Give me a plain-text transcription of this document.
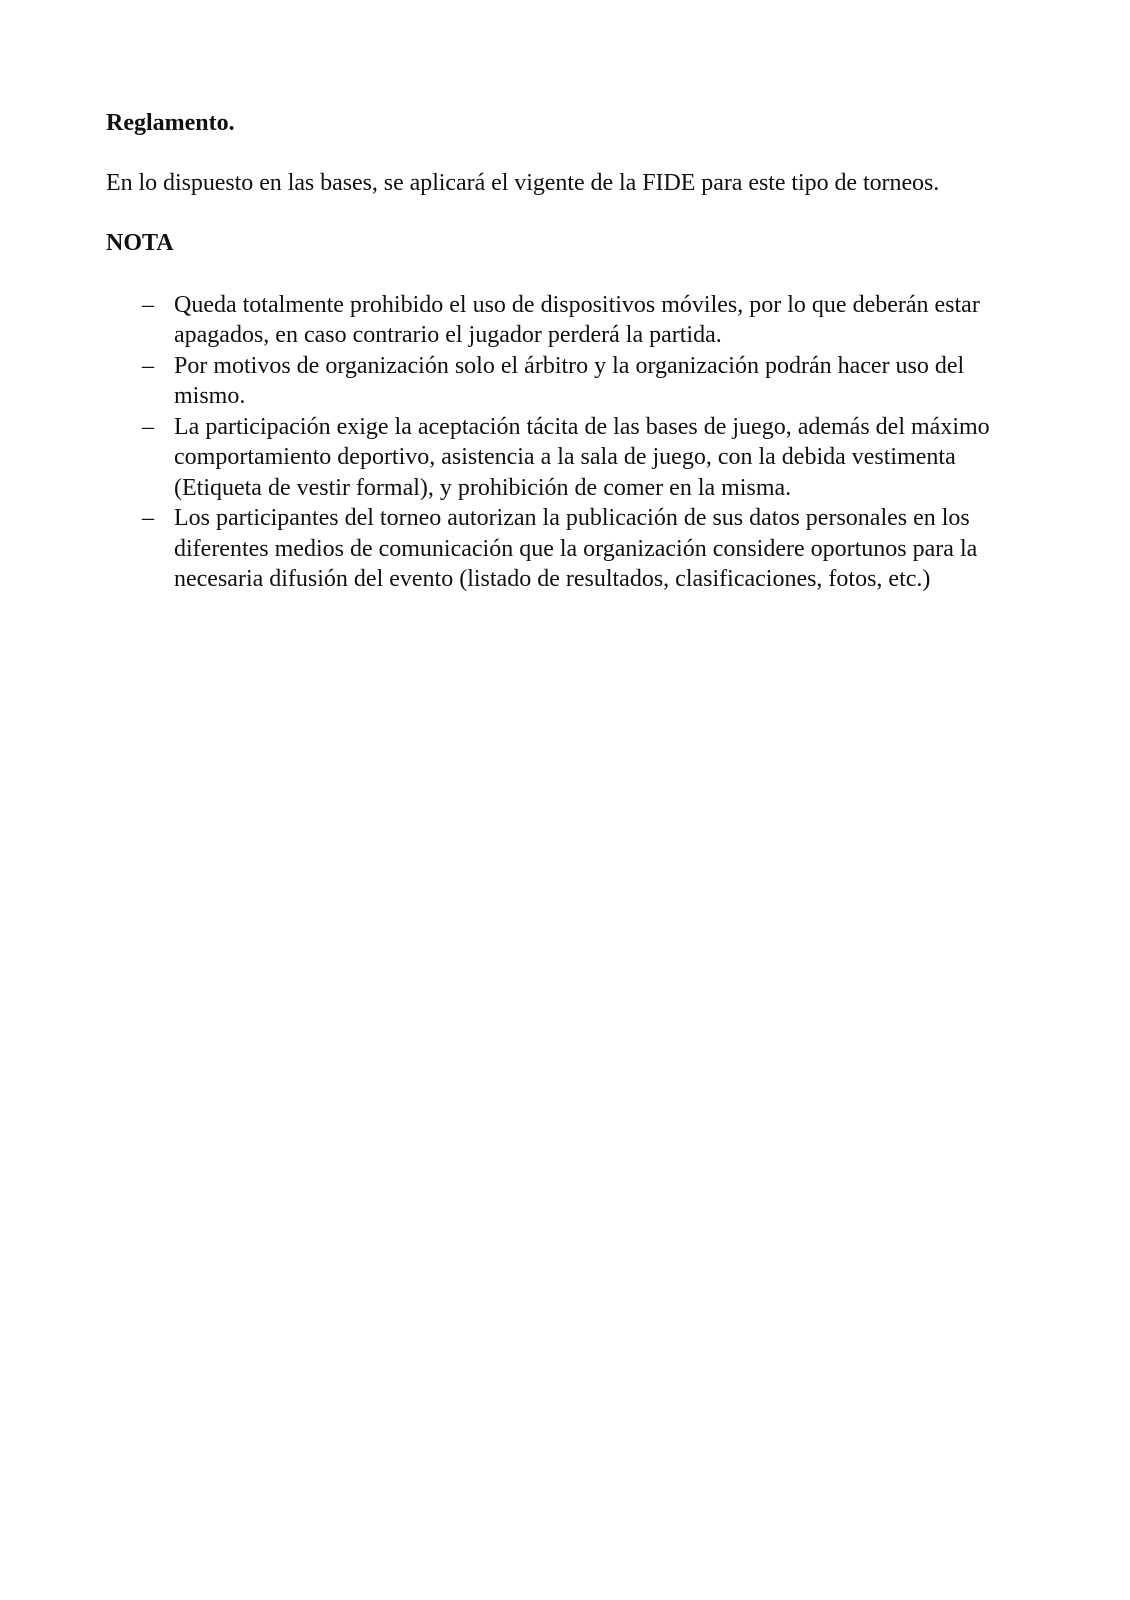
Reglamento.

En lo dispuesto en las bases, se aplicará el vigente de la FIDE para este tipo de torneos.

NOTA
– Queda totalmente prohibido el uso de dispositivos móviles, por lo que deberán estar apagados, en caso contrario el jugador perderá la partida.
– Por motivos de organización solo el árbitro y la organización podrán hacer uso del mismo.
– La participación exige la aceptación tácita de las bases de juego, además del máximo comportamiento deportivo, asistencia a la sala de juego, con la debida vestimenta (Etiqueta de vestir formal), y prohibición de comer en la misma.
– Los participantes del torneo autorizan la publicación de sus datos personales en los diferentes medios de comunicación que la organización considere oportunos para la necesaria difusión del evento (listado de resultados, clasificaciones, fotos, etc.)
